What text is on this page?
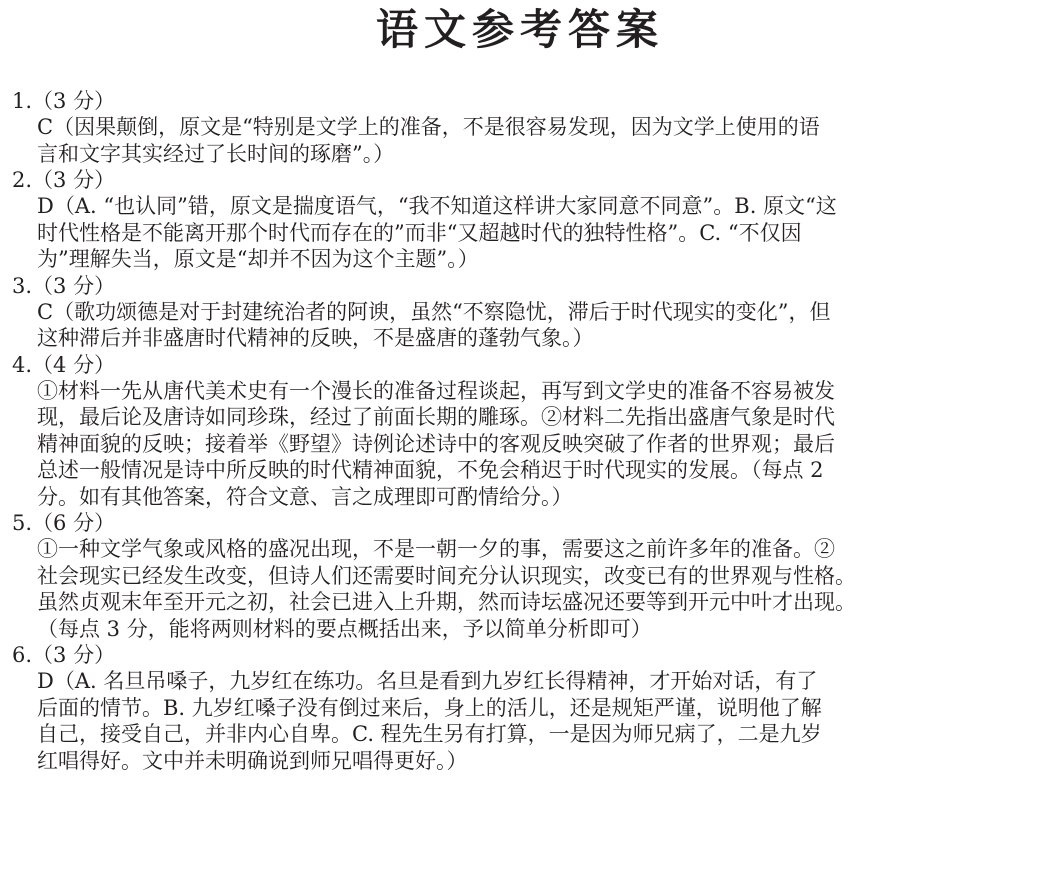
语文参考答案
1.（3 分）
C（因果颠倒，原文是“特别是文学上的准备，不是很容易发现，因为文学上使用的语
言和文字其实经过了长时间的琢磨”。）
2.（3 分）
D（A. “也认同”错，原文是揣度语气，“我不知道这样讲大家同意不同意”。B. 原文“这
时代性格是不能离开那个时代而存在的”而非“又超越时代的独特性格”。C. “不仅因
为”理解失当，原文是“却并不因为这个主题”。）
3.（3 分）
C（歌功颂德是对于封建统治者的阿谀，虽然“不察隐忧，滞后于时代现实的变化”，但
这种滞后并非盛唐时代精神的反映，不是盛唐的蓬勃气象。）
4.（4 分）
①材料一先从唐代美术史有一个漫长的准备过程谈起，再写到文学史的准备不容易被发
现，最后论及唐诗如同珍珠，经过了前面长期的雕琢。②材料二先指出盛唐气象是时代
精神面貌的反映；接着举《野望》诗例论述诗中的客观反映突破了作者的世界观；最后
总述一般情况是诗中所反映的时代精神面貌，不免会稍迟于时代现实的发展。（每点 2
分。如有其他答案，符合文意、言之成理即可酌情给分。）
5.（6 分）
①一种文学气象或风格的盛况出现，不是一朝一夕的事，需要这之前许多年的准备。②
社会现实已经发生改变，但诗人们还需要时间充分认识现实，改变已有的世界观与性格。
虽然贞观末年至开元之初，社会已进入上升期，然而诗坛盛况还要等到开元中叶才出现。
（每点 3 分，能将两则材料的要点概括出来，予以简单分析即可）
6.（3 分）
D（A. 名旦吊嗓子，九岁红在练功。名旦是看到九岁红长得精神，才开始对话，有了
后面的情节。B. 九岁红嗓子没有倒过来后，身上的活儿，还是规矩严谨，说明他了解
自己，接受自己，并非内心自卑。C. 程先生另有打算，一是因为师兄病了，二是九岁
红唱得好。文中并未明确说到师兄唱得更好。）
